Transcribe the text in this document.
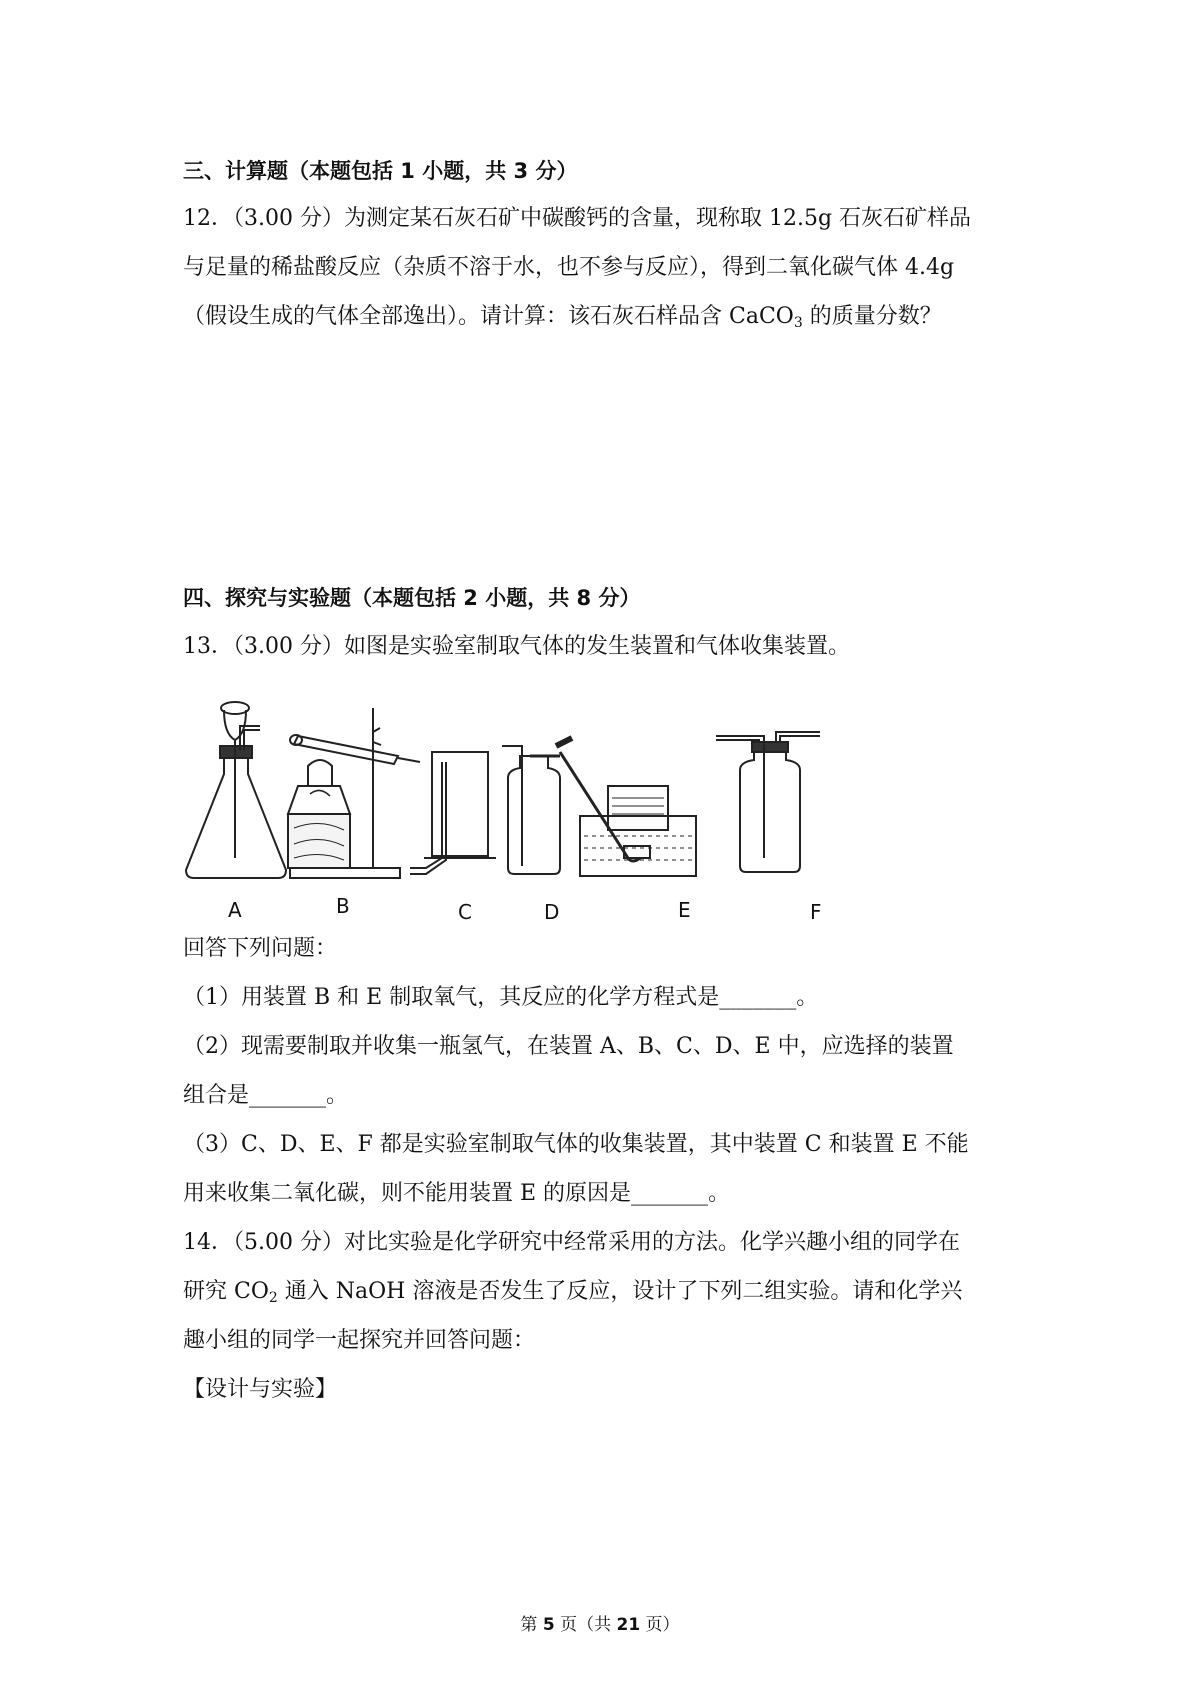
三、计算题（本题包括 1 小题，共 3 分）
12．（3.00 分）为测定某石灰石矿中碳酸钙的含量，现称取 12.5g 石灰石矿样品
与足量的稀盐酸反应（杂质不溶于水，也不参与反应），得到二氧化碳气体 4.4g
（假设生成的气体全部逸出）。请计算：该石灰石样品含 CaCO$_3$ 的质量分数？
四、探究与实验题（本题包括 2 小题，共 8 分）
13．（3.00 分）如图是实验室制取气体的发生装置和气体收集装置。
A	B	C	D	E	F
回答下列问题：
（1）用装置 B 和 E 制取氧气，其反应的化学方程式是_______。
（2）现需要制取并收集一瓶氢气，在装置 A、B、C、D、E 中，应选择的装置
组合是_______。
（3）C、D、E、F 都是实验室制取气体的收集装置，其中装置 C 和装置 E 不能
用来收集二氧化碳，则不能用装置 E 的原因是_______。
14．（5.00 分）对比实验是化学研究中经常采用的方法。化学兴趣小组的同学在
研究 $CO_2$ 通入 NaOH 溶液是否发生了反应，设计了下列二组实验。请和化学兴
趣小组的同学一起探究并回答问题：
【设计与实验】
第 5 页（共 21 页）
